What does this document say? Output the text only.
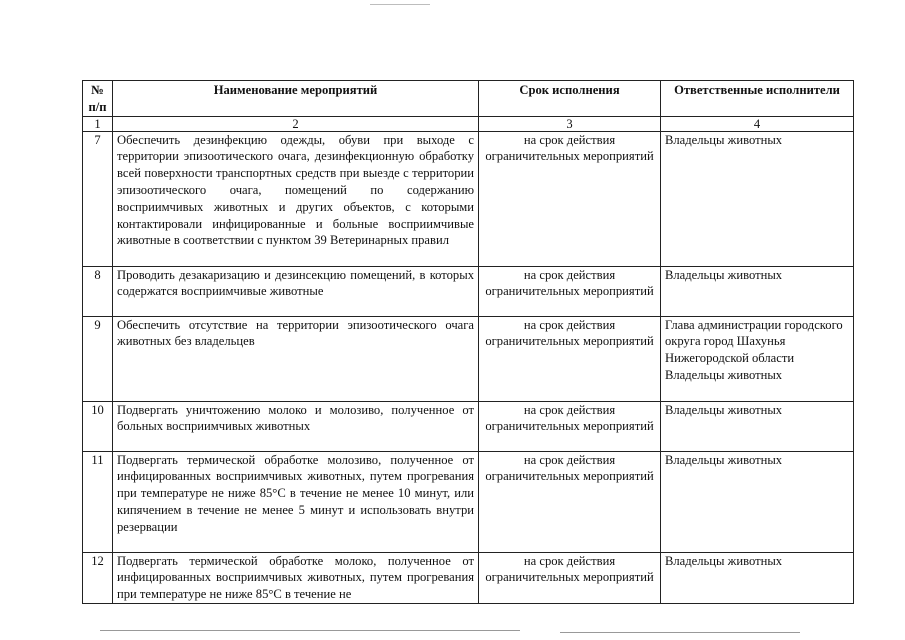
№ п/п	Наименование мероприятий	Срок исполнения	Ответственные исполнители
1	2	3	4
7	Обеспечить дезинфекцию одежды, обуви при выходе с территории эпизоотического очага, дезинфекционную обработку всей поверхности транспортных средств при выезде с территории эпизоотического очага, помещений по содержанию восприимчивых животных и других объектов, с которыми контактировали инфицированные и больные восприимчивые животные в соответствии с пунктом 39 Ветеринарных правил	на срок действия ограничительных мероприятий	Владельцы животных
8	Проводить дезакаризацию и дезинсекцию помещений, в которых содержатся восприимчивые животные	на срок действия ограничительных мероприятий	Владельцы животных
9	Обеспечить отсутствие на территории эпизоотического очага животных без владельцев	на срок действия ограничительных мероприятий	Глава администрации городского округа город Шахунья Нижегородской области Владельцы животных
10	Подвергать уничтожению молоко и молозиво, полученное от больных восприимчивых животных	на срок действия ограничительных мероприятий	Владельцы животных
11	Подвергать термической обработке молозиво, полученное от инфицированных восприимчивых животных, путем прогревания при температуре не ниже 85°С в течение не менее 10 минут, или кипячением в течение не менее 5 минут и использовать внутри резервации	на срок действия ограничительных мероприятий	Владельцы животных
12	Подвергать термической обработке молоко, полученное от инфицированных восприимчивых животных, путем прогревания при температуре не ниже 85°С в течение не	на срок действия ограничительных мероприятий	Владельцы животных
